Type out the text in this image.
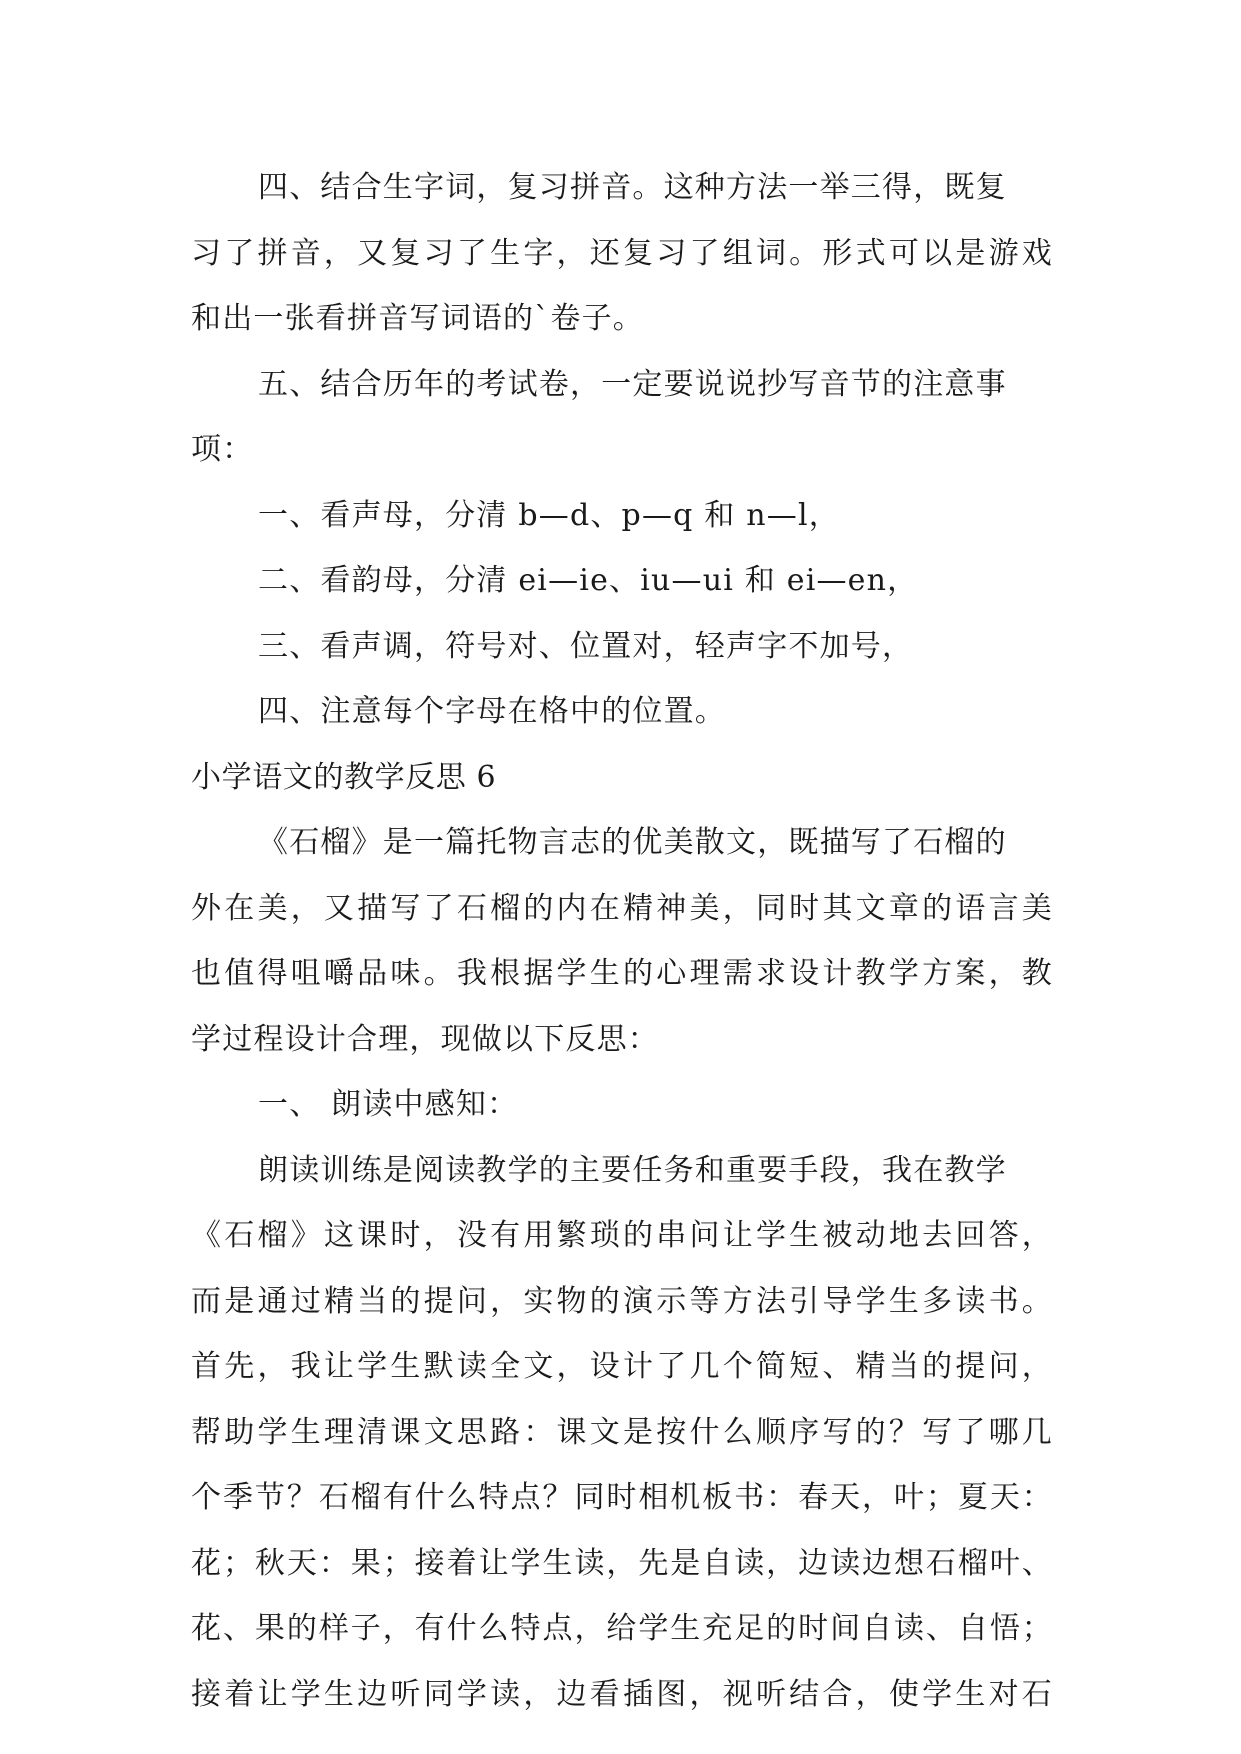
四、结合生字词，复习拼音。这种方法一举三得，既复
习了拼音，又复习了生字，还复习了组词。形式可以是游戏
和出一张看拼音写词语的`卷子。
五、结合历年的考试卷，一定要说说抄写音节的注意事
项：
一、看声母，分清 b—d、p—q 和 n—l，
二、看韵母，分清 ei—ie、iu—ui 和 ei—en，
三、看声调，符号对、位置对，轻声字不加号，
四、注意每个字母在格中的位置。
小学语文的教学反思 6
《石榴》是一篇托物言志的优美散文，既描写了石榴的
外在美，又描写了石榴的内在精神美，同时其文章的语言美
也值得咀嚼品味。我根据学生的心理需求设计教学方案，教
学过程设计合理，现做以下反思：
一、 朗读中感知：
朗读训练是阅读教学的主要任务和重要手段，我在教学
《石榴》这课时，没有用繁琐的串问让学生被动地去回答，
而是通过精当的提问，实物的演示等方法引导学生多读书。
首先，我让学生默读全文，设计了几个简短、精当的提问，
帮助学生理清课文思路：课文是按什么顺序写的？写了哪几
个季节？石榴有什么特点？同时相机板书：春天，叶；夏天：
花；秋天：果；接着让学生读，先是自读，边读边想石榴叶、
花、果的样子，有什么特点，给学生充足的时间自读、自悟；
接着让学生边听同学读，边看插图，视听结合，使学生对石
